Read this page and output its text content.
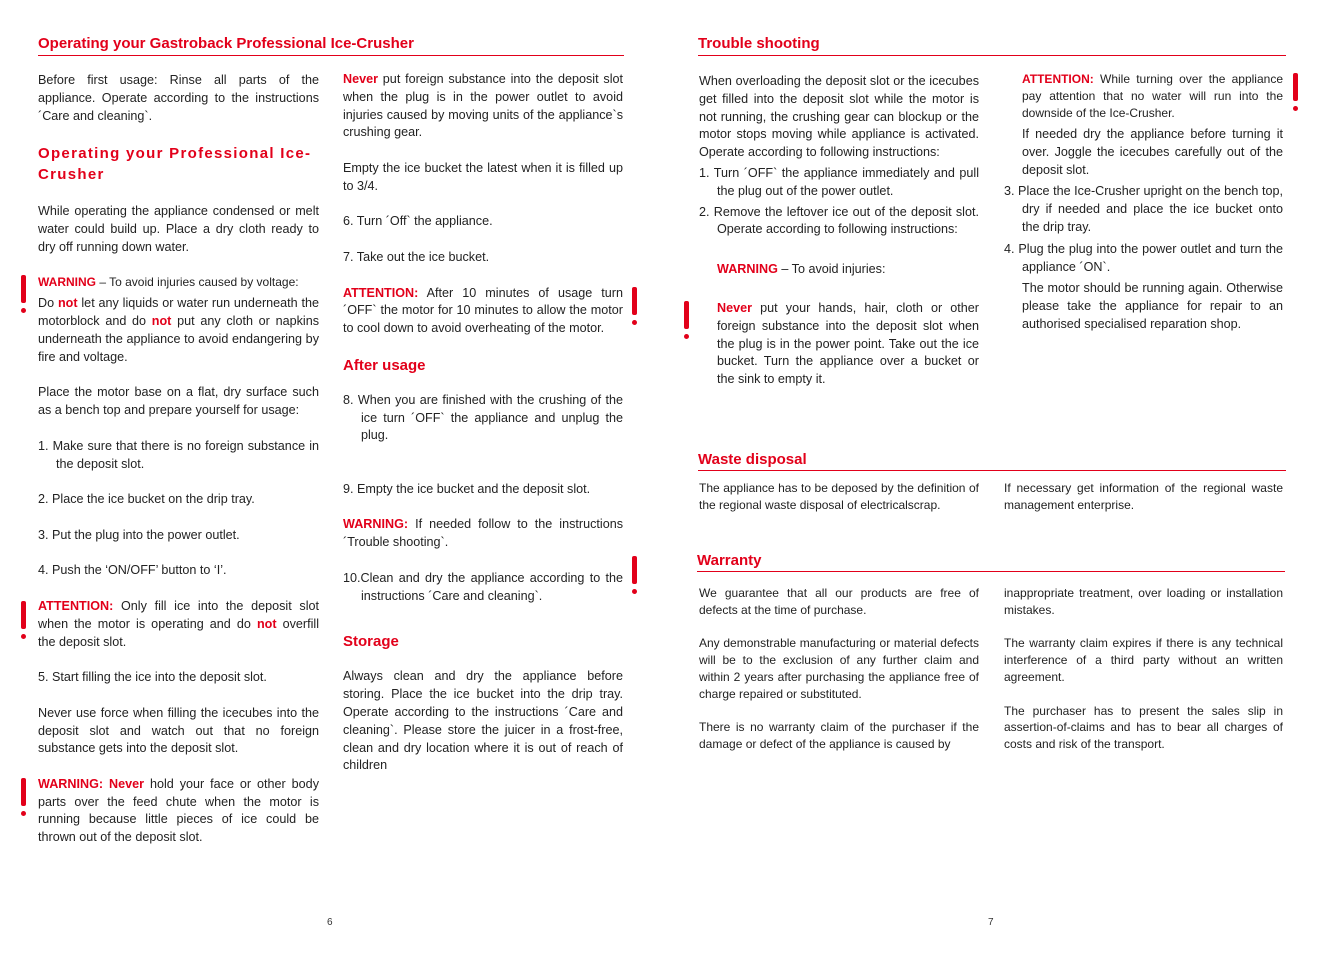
Operating your Gastroback Professional Ice-Crusher

Before first usage: Rinse all parts of the appliance. Operate according to the instructions ´Care and cleaning`.

Operating your Professional Ice-Crusher

While operating the appliance condensed or melt water could build up. Place a dry cloth ready to dry off running down water.

WARNING – To avoid injuries caused by voltage:

Do not let any liquids or water run underneath the motorblock and do not put any cloth or napkins underneath the appliance to avoid endangering by fire and voltage.

Place the motor base on a flat, dry surface such as a bench top and prepare yourself for usage:

1. Make sure that there is no foreign substance in the deposit slot.

2. Place the ice bucket on the drip tray.

3. Put the plug into the power outlet.

4. Push the ‘ON/OFF’ button to ‘I’.

ATTENTION: Only fill ice into the deposit slot when the motor is operating and do not overfill the deposit slot.

5. Start filling the ice into the deposit slot.

Never use force when filling the icecubes into the deposit slot and watch out that no foreign substance gets into the deposit slot.

WARNING: Never hold your face or other body parts over the feed chute when the motor is running because little pieces of ice could be thrown out of the deposit slot.

Never put foreign substance into the deposit slot when the plug is in the power outlet to avoid injuries caused by moving units of the appliance`s crushing gear.

Empty the ice bucket the latest when it is filled up to 3/4.

6. Turn ´Off` the appliance.

7. Take out the ice bucket.

ATTENTION: After 10 minutes of usage turn ´OFF` the motor for 10 minutes to allow the motor to cool down to avoid overheating of the motor.

After usage

8. When you are finished with the crushing of the ice turn ´OFF` the appliance and unplug the plug.

9. Empty the ice bucket and the deposit slot.

WARNING: If needed follow to the instructions ´Trouble shooting`.

10.Clean and dry the appliance according to the instructions ´Care and cleaning`.

Storage

Always clean and dry the appliance before storing. Place the ice bucket into the drip tray. Operate according to the instructions ´Care and cleaning`. Please store the juicer in a frost-free, clean and dry location where it is out of reach of children

6
Trouble shooting

When overloading the deposit slot or the icecubes get filled into the deposit slot while the motor is not running, the crushing gear can blockup or the motor stops moving while appliance is activated. Operate according to following instructions:

1. Turn ´OFF` the appliance immediately and pull the plug out of the power outlet.

2. Remove the leftover ice out of the deposit slot. Operate according to following instructions:

WARNING – To avoid injuries:

Never put your hands, hair, cloth or other foreign substance into the deposit slot when the plug is in the power point. Take out the ice bucket. Turn the appliance over a bucket or the sink to empty it.

ATTENTION: While turning over the appliance pay attention that no water will run into the downside of the Ice-Crusher.

If needed dry the appliance before turning it over. Joggle the icecubes carefully out of the deposit slot.

3. Place the Ice-Crusher upright on the bench top, dry if needed and place the ice bucket onto the drip tray.

4. Plug the plug into the power outlet and turn the appliance ´ON`.

The motor should be running again. Otherwise please take the appliance for repair to an authorised specialised reparation shop.

Waste disposal
The appliance has to be deposed by the definition of the regional waste disposal of electricalscrap.
If necessary get information of the regional waste management enterprise.
Warranty

We guarantee that all our products are free of defects at the time of purchase.

Any demonstrable manufacturing or material defects will be to the exclusion of any further claim and within 2 years after purchasing the appliance free of charge repaired or substituted.

There is no warranty claim of the purchaser if the damage or defect of the appliance is caused by

inappropriate treatment, over loading or installation mistakes.

The warranty claim expires if there is any technical interference of a third party without an written agreement.

The purchaser has to present the sales slip in assertion-of-claims and has to bear all charges of costs and risk of the transport.

7
